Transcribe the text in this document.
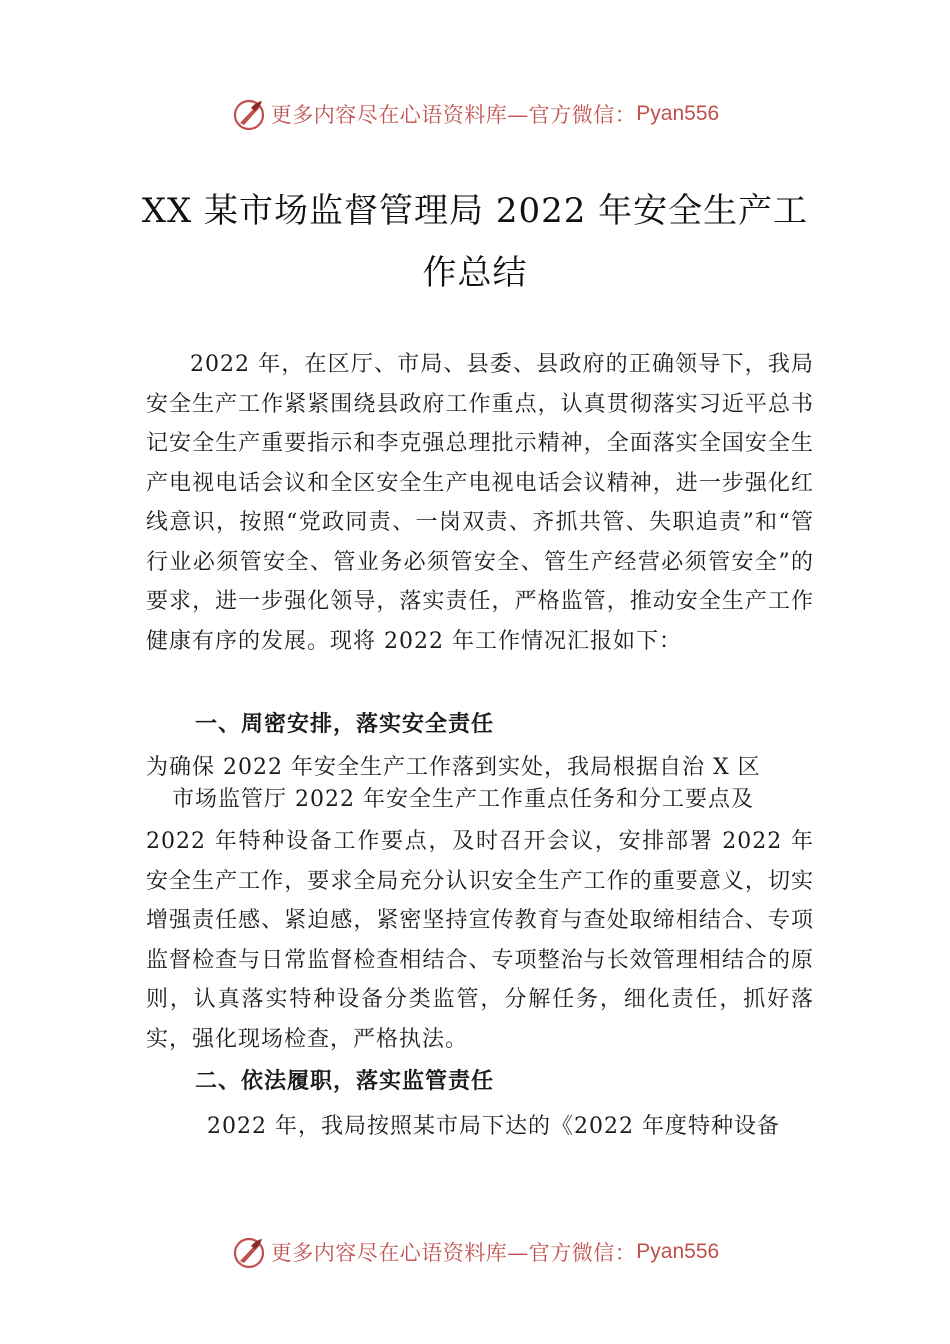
更多内容尽在心语资料库—官方微信： Pyan556
XX 某市场监督管理局 2022 年安全生产工
作总结
2022 年，在区厅、市局、县委、县政府的正确领导下，我局安全生产工作紧紧围绕县政府工作重点，认真贯彻落实习近平总书记安全生产重要指示和李克强总理批示精神，全面落实全国安全生产电视电话会议和全区安全生产电视电话会议精神，进一步强化红线意识，按照“党政同责、一岗双责、齐抓共管、失职追责”和“管行业必须管安全、管业务必须管安全、管生产经营必须管安全”的要求，进一步强化领导，落实责任，严格监管，推动安全生产工作健康有序的发展。现将 2022 年工作情况汇报如下：
一、周密安排，落实安全责任
为确保 2022 年安全生产工作落到实处，我局根据自治 X 区
市场监管厅 2022 年安全生产工作重点任务和分工要点及
2022 年特种设备工作要点，及时召开会议，安排部署 2022 年安全生产工作，要求全局充分认识安全生产工作的重要意义，切实增强责任感、紧迫感，紧密坚持宣传教育与查处取缔相结合、专项监督检查与日常监督检查相结合、专项整治与长效管理相结合的原则，认真落实特种设备分类监管，分解任务，细化责任，抓好落实，强化现场检查，严格执法。
二、依法履职，落实监管责任
2022 年，我局按照某市局下达的《2022 年度特种设备
更多内容尽在心语资料库—官方微信： Pyan556
